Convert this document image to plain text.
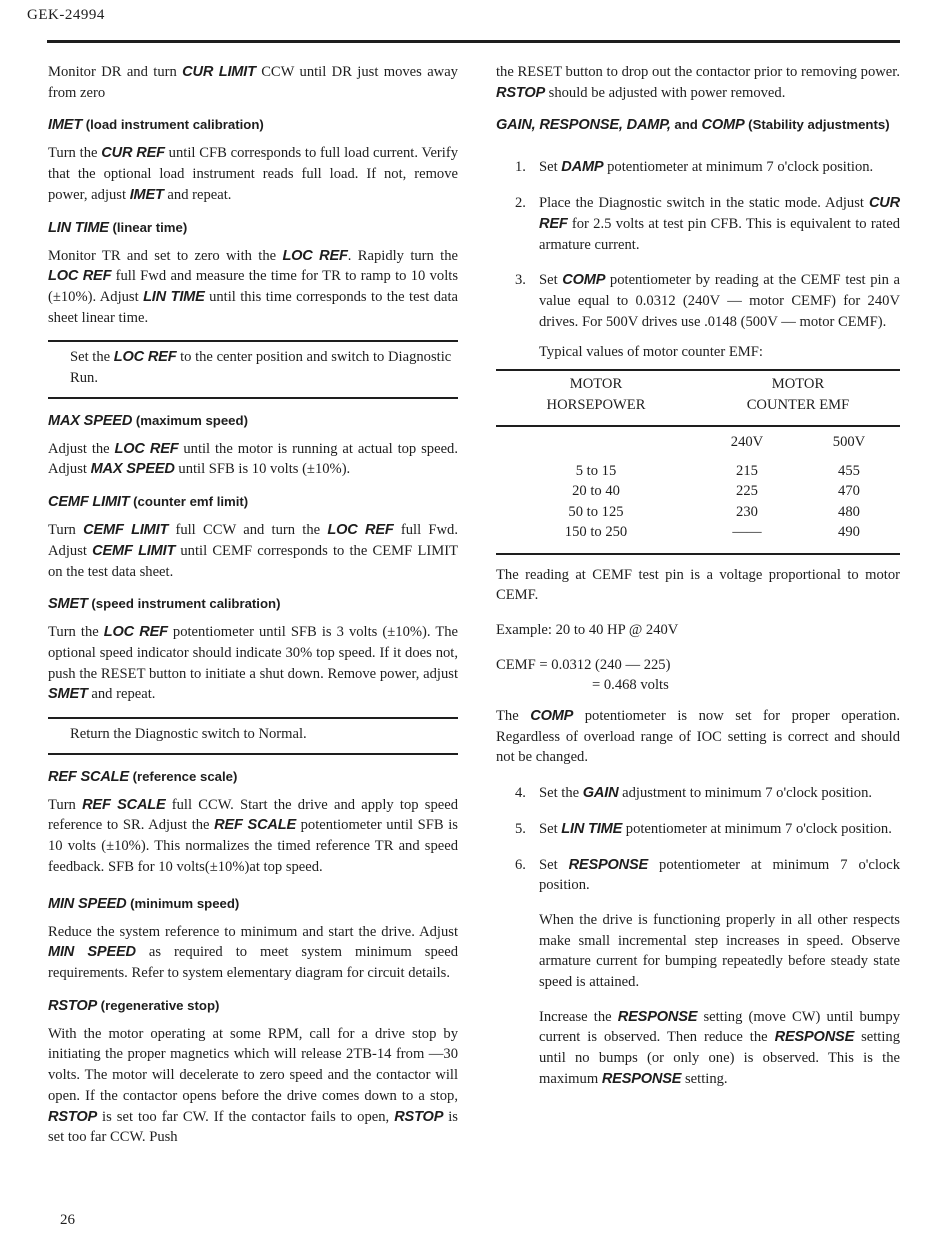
GEK-24994

Monitor DR and turn CUR LIMIT CCW until DR just moves away from zero

IMET (load instrument calibration)

Turn the CUR REF until CFB corresponds to full load current. Verify that the optional load instrument reads full load. If not, remove power, adjust IMET and repeat.

LIN TIME (linear time)

Monitor TR and set to zero with the LOC REF. Rapidly turn the LOC REF full Fwd and measure the time for TR to ramp to 10 volts (±10%). Adjust LIN TIME until this time corresponds to the test data sheet linear time.

Set the LOC REF to the center position and switch to Diagnostic Run.

MAX SPEED (maximum speed)

Adjust the LOC REF until the motor is running at actual top speed. Adjust MAX SPEED until SFB is 10 volts (±10%).

CEMF LIMIT (counter emf limit)

Turn CEMF LIMIT full CCW and turn the LOC REF full Fwd. Adjust CEMF LIMIT until CEMF corresponds to the CEMF LIMIT on the test data sheet.

SMET (speed instrument calibration)

Turn the LOC REF potentiometer until SFB is 3 volts (±10%). The optional speed indicator should indicate 30% top speed. If it does not, push the RESET button to initiate a shut down. Remove power, adjust SMET and repeat.

Return the Diagnostic switch to Normal.

REF SCALE (reference scale)

Turn REF SCALE full CCW. Start the drive and apply top speed reference to SR. Adjust the REF SCALE potentiometer until SFB is 10 volts (±10%). This normalizes the timed reference TR and speed feedback. SFB for 10 volts(±10%)at top speed.

MIN SPEED (minimum speed)

Reduce the system reference to minimum and start the drive. Adjust MIN SPEED as required to meet system minimum speed requirements. Refer to system elementary diagram for circuit details.

RSTOP (regenerative stop)

With the motor operating at some RPM, call for a drive stop by initiating the proper magnetics which will release 2TB-14 from —30 volts. The motor will decelerate to zero speed and the contactor will open. If the contactor opens before the drive comes down to a stop, RSTOP is set too far CW. If the contactor fails to open, RSTOP is set too far CCW. Push

the RESET button to drop out the contactor prior to removing power. RSTOP should be adjusted with power removed.

GAIN, RESPONSE, DAMP, and COMP (Stability adjustments)
1. Set DAMP potentiometer at minimum 7 o'clock position.

2. Place the Diagnostic switch in the static mode. Adjust CUR REF for 2.5 volts at test pin CFB. This is equivalent to rated armature current.

3. Set COMP potentiometer by reading at the CEMF test pin a value equal to 0.0312 (240V — motor CEMF) for 240V drives. For 500V drives use .0148 (500V — motor CEMF).

Typical values of motor counter EMF:

MOTOR	MOTOR	
HORSEPOWER	COUNTER EMF	
	240V	500V

5 to 15	215	455
20 to 40	225	470
50 to 125	230	480
150 to 250	——	490

The reading at CEMF test pin is a voltage proportional to motor CEMF.

Example: 20 to 40 HP @ 240V

CEMF = 0.0312 (240 — 225)

= 0.468 volts

The COMP potentiometer is now set for proper operation. Regardless of overload range of IOC setting is correct and should not be changed.

4. Set the GAIN adjustment to minimum 7 o'clock position.

5. Set LIN TIME potentiometer at minimum 7 o'clock position.

6. Set RESPONSE potentiometer at minimum 7 o'clock position.

When the drive is functioning properly in all other respects make small incremental step increases in speed. Observe armature current for bumping repeatedly before steady state speed is attained.

Increase the RESPONSE setting (move CW) until bumpy current is observed. Then reduce the RESPONSE setting until no bumps (or only one) is observed. This is the maximum RESPONSE setting.

26
